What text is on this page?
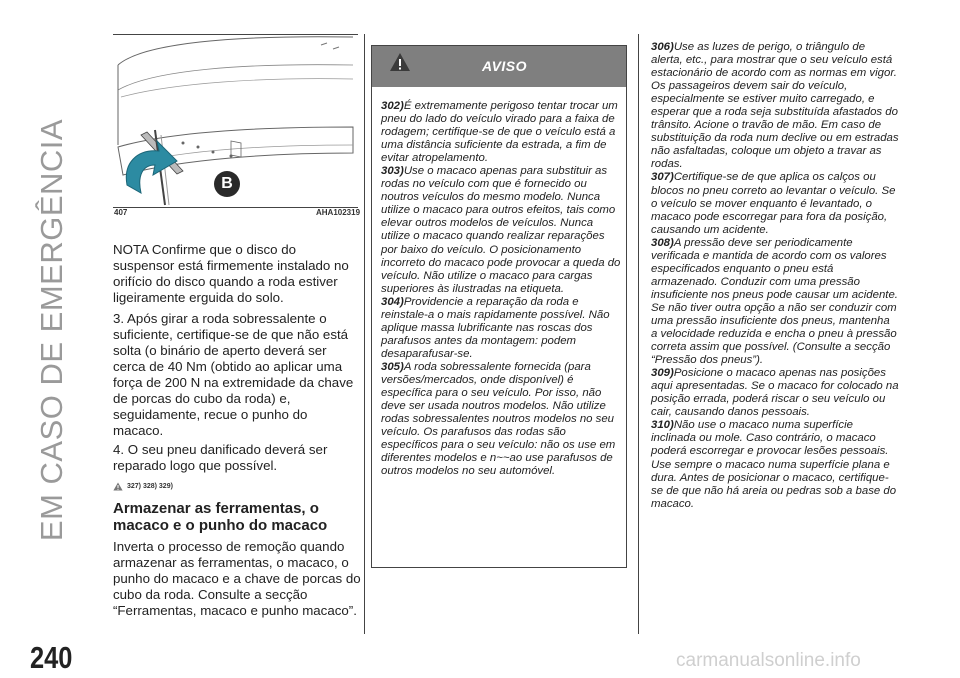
EM CASO DE EMERGÊNCIA	B
407	AHA102319

NOTA Confirme que o disco do suspensor está firmemente instalado no orifício do disco quando a roda estiver ligeiramente erguida do solo.

3. Após girar a roda sobressalente o suficiente, certifique-se de que não está solta (o binário de aperto deverá ser cerca de 40 Nm (obtido ao aplicar uma força de 200 N na extremidade da chave de porcas do cubo da roda) e, seguidamente, recue o punho do macaco.

4. O seu pneu danificado deverá ser reparado logo que possível.

327) 328) 329)
Armazenar as ferramentas, o macaco e o punho do macaco

Inverta o processo de remoção quando armazenar as ferramentas, o macaco, o punho do macaco e a chave de porcas do cubo da roda. Consulte a secção “Ferramentas, macaco e punho macaco”.

AVISO

302)É extremamente perigoso tentar trocar um pneu do lado do veículo virado para a faixa de rodagem; certifique-se de que o veículo está a uma distância suficiente da estrada, a fim de evitar atropelamento.

303)Use o macaco apenas para substituir as rodas no veículo com que é fornecido ou noutros veículos do mesmo modelo. Nunca utilize o macaco para outros efeitos, tais como elevar outros modelos de veículos. Nunca utilize o macaco quando realizar reparações por baixo do veículo. O posicionamento incorreto do macaco pode provocar a queda do veículo. Não utilize o macaco para cargas superiores às ilustradas na etiqueta.

304)Providencie a reparação da roda e reinstale-a o mais rapidamente possível. Não aplique massa lubrificante nas roscas dos parafusos antes da montagem: podem desaparafusar-se.

305)A roda sobressalente fornecida (para versões/mercados, onde disponível) é específica para o seu veículo. Por isso, não deve ser usada noutros modelos. Não utilize rodas sobressalentes noutros modelos no seu veículo. Os parafusos das rodas são específicos para o seu veículo: não os use em diferentes modelos e n~~ao use parafusos de outros modelos no seu automóvel.

306)Use as luzes de perigo, o triângulo de alerta, etc., para mostrar que o seu veículo está estacionário de acordo com as normas em vigor. Os passageiros devem sair do veículo, especialmente se estiver muito carregado, e esperar que a roda seja substituída afastados do trânsito. Acione o travão de mão. Em caso de substituição da roda num declive ou em estradas não asfaltadas, coloque um objeto a travar as rodas.

307)Certifique-se de que aplica os calços ou blocos no pneu correto ao levantar o veículo. Se o veículo se mover enquanto é levantado, o macaco pode escorregar para fora da posição, causando um acidente.

308)A pressão deve ser periodicamente verificada e mantida de acordo com os valores especificados enquanto o pneu está armazenado. Conduzir com uma pressão insuficiente nos pneus pode causar um acidente. Se não tiver outra opção a não ser conduzir com uma pressão insuficiente dos pneus, mantenha a velocidade reduzida e encha o pneu à pressão correta assim que possível. (Consulte a secção “Pressão dos pneus”).

309)Posicione o macaco apenas nas posições aqui apresentadas. Se o macaco for colocado na posição errada, poderá riscar o seu veículo ou cair, causando danos pessoais.

310)Não use o macaco numa superfície inclinada ou mole. Caso contrário, o macaco poderá escorregar e provocar lesões pessoais. Use sempre o macaco numa superfície plana e dura. Antes de posicionar o macaco, certifique-se de que não há areia ou pedras sob a base do macaco.

240	carmanualsonline.info
